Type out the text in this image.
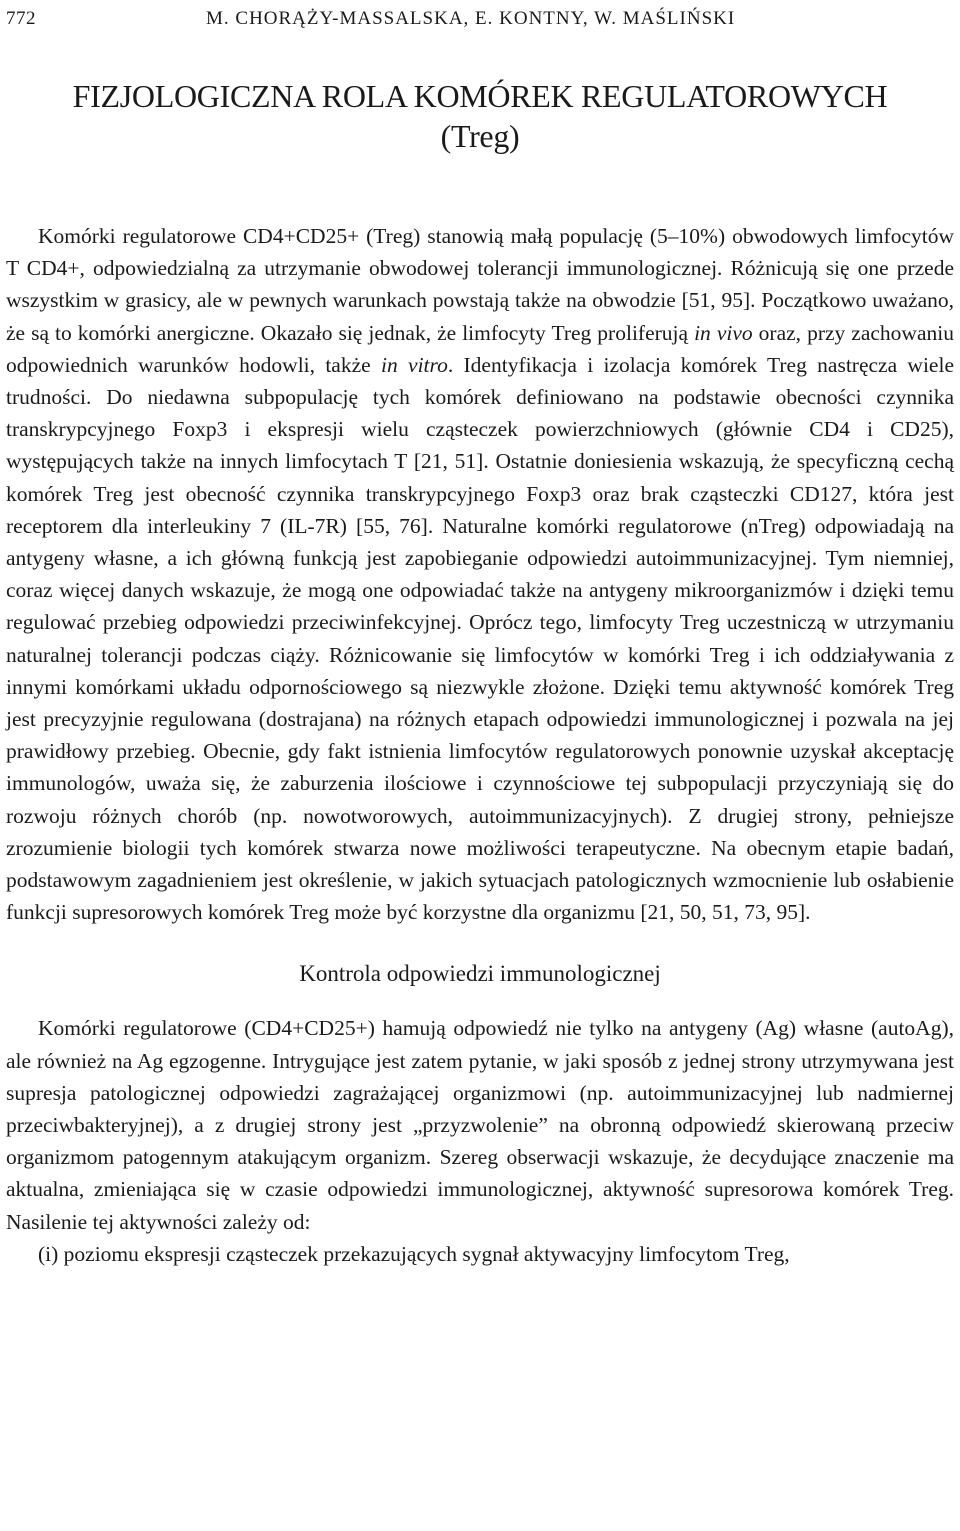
772	M. CHORĄŻY-MASSALSKA, E. KONTNY, W. MAŚLIŃSKI
FIZJOLOGICZNA ROLA KOMÓREK REGULATOROWYCH
(Treg)

Komórki regulatorowe CD4+CD25+ (Treg) stanowią małą populację (5–10%) obwodowych limfocytów T CD4+, odpowiedzialną za utrzymanie obwodowej tolerancji immunologicznej. Różnicują się one przede wszystkim w grasicy, ale w pewnych warunkach powstają także na obwodzie [51, 95]. Początkowo uważano, że są to komórki anergiczne. Okazało się jednak, że limfocyty Treg proliferują in vivo oraz, przy zachowaniu odpowiednich warunków hodowli, także in vitro. Identyfikacja i izolacja komórek Treg nastręcza wiele trudności. Do niedawna subpopulację tych komórek definiowano na podstawie obecności czynnika transkrypcyjnego Foxp3 i ekspresji wielu cząsteczek powierzchniowych (głównie CD4 i CD25), występujących także na innych limfocytach T [21, 51]. Ostatnie doniesienia wskazują, że specyficzną cechą komórek Treg jest obecność czynnika transkrypcyjnego Foxp3 oraz brak cząsteczki CD127, która jest receptorem dla interleukiny 7 (IL-7R) [55, 76]. Naturalne komórki regulatorowe (nTreg) odpowiadają na antygeny własne, a ich główną funkcją jest zapobieganie odpowiedzi autoimmunizacyjnej. Tym niemniej, coraz więcej danych wskazuje, że mogą one odpowiadać także na antygeny mikroorganizmów i dzięki temu regulować przebieg odpowiedzi przeciwinfekcyjnej. Oprócz tego, limfocyty Treg uczestniczą w utrzymaniu naturalnej tolerancji podczas ciąży. Różnicowanie się limfocytów w komórki Treg i ich oddziaływania z innymi komórkami układu odpornościowego są niezwykle złożone. Dzięki temu aktywność komórek Treg jest precyzyjnie regulowana (dostrajana) na różnych etapach odpowiedzi immunologicznej i pozwala na jej prawidłowy przebieg. Obecnie, gdy fakt istnienia limfocytów regulatorowych ponownie uzyskał akceptację immunologów, uważa się, że zaburzenia ilościowe i czynnościowe tej subpopulacji przyczyniają się do rozwoju różnych chorób (np. nowotworowych, autoimmunizacyjnych). Z drugiej strony, pełniejsze zrozumienie biologii tych komórek stwarza nowe możliwości terapeutyczne. Na obecnym etapie badań, podstawowym zagadnieniem jest określenie, w jakich sytuacjach patologicznych wzmocnienie lub osłabienie funkcji supresorowych komórek Treg może być korzystne dla organizmu [21, 50, 51, 73, 95].

Kontrola odpowiedzi immunologicznej

Komórki regulatorowe (CD4+CD25+) hamują odpowiedź nie tylko na antygeny (Ag) własne (autoAg), ale również na Ag egzogenne. Intrygujące jest zatem pytanie, w jaki sposób z jednej strony utrzymywana jest supresja patologicznej odpowiedzi zagrażającej organizmowi (np. autoimmunizacyjnej lub nadmiernej przeciwbakteryjnej), a z drugiej strony jest „przyzwolenie” na obronną odpowiedź skierowaną przeciw organizmom patogennym atakującym organizm. Szereg obserwacji wskazuje, że decydujące znaczenie ma aktualna, zmieniająca się w czasie odpowiedzi immunologicznej, aktywność supresorowa komórek Treg. Nasilenie tej aktywności zależy od:

(i) poziomu ekspresji cząsteczek przekazujących sygnał aktywacyjny limfocytom Treg,
